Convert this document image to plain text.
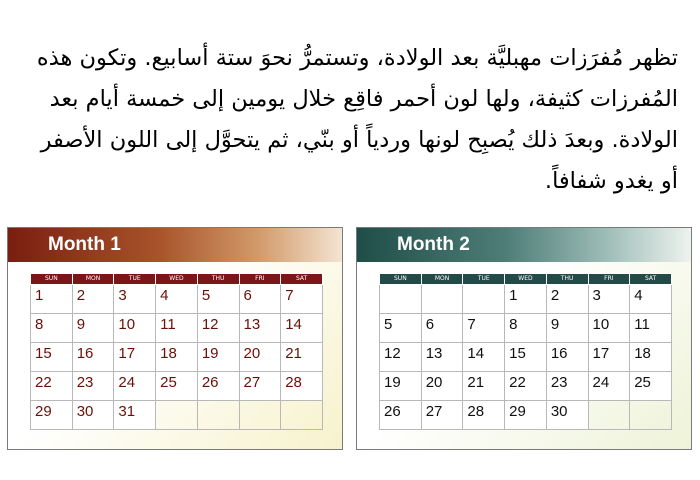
تظهر مُفرَزات مهبليَّة بعد الولادة، وتستمرُّ نحوَ ستة أسابيع. وتكون هذه المُفرزات كثيفة، ولها لون أحمر فاقِع خلال يومين إلى خمسة أيام بعد الولادة. وبعدَ ذلك يُصبِح لونها وردياً أو بنّي، ثم يتحوَّل إلى اللون الأصفر أو يغدو شفافاً.
Month 1
SUN	MON	TUE	WED	THU	FRI	SAT
1	2	3	4	5	6	7
8	9	10	11	12	13	14
15	16	17	18	19	20	21
22	23	24	25	26	27	28
29	30	31				
Month 2
SUN	MON	TUE	WED	THU	FRI	SAT
			1	2	3	4
5	6	7	8	9	10	11
12	13	14	15	16	17	18
19	20	21	22	23	24	25
26	27	28	29	30		
